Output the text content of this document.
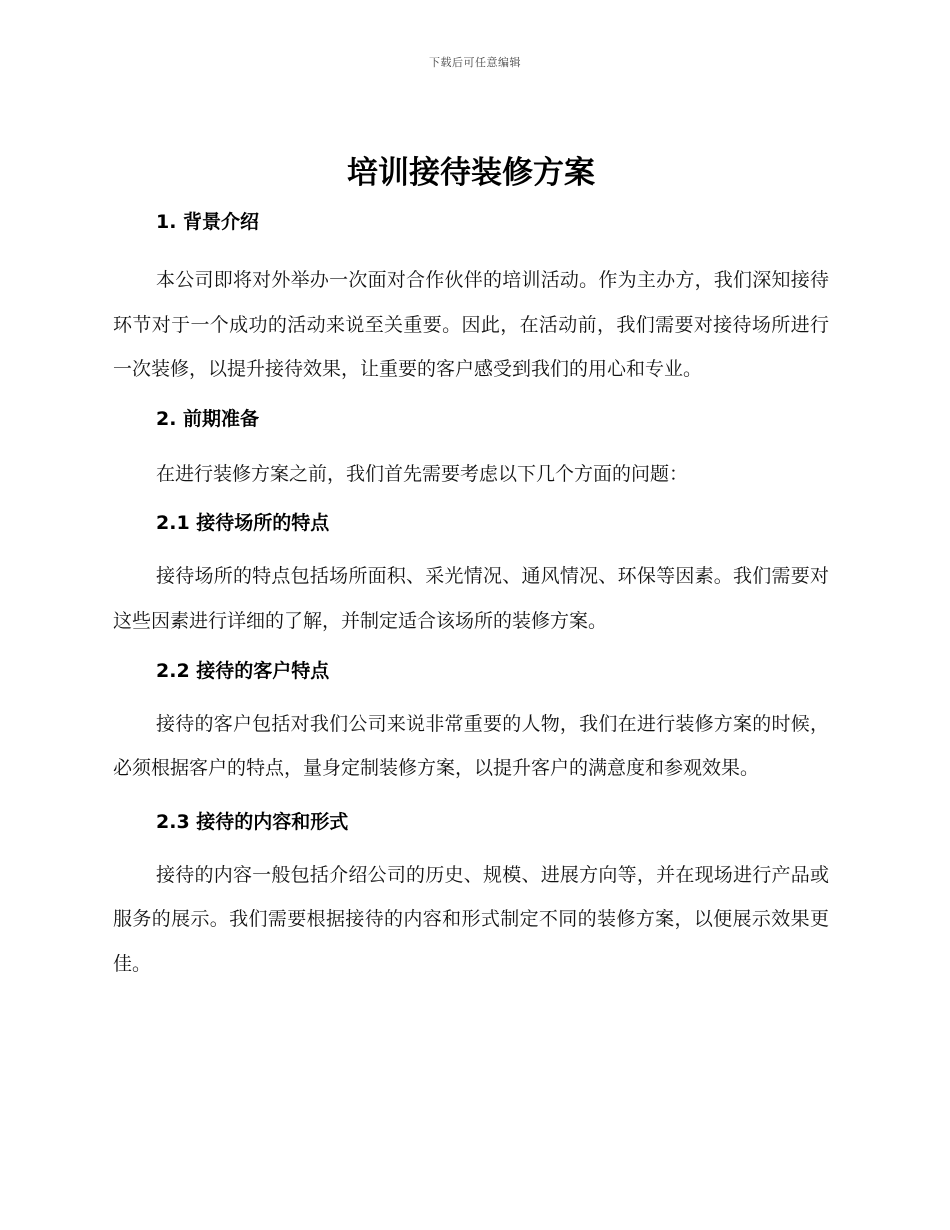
下载后可任意编辑
培训接待装修方案
1. 背景介绍

本公司即将对外举办一次面对合作伙伴的培训活动。作为主办方，我们深知接待环节对于一个成功的活动来说至关重要。因此，在活动前，我们需要对接待场所进行一次装修，以提升接待效果，让重要的客户感受到我们的用心和专业。

2. 前期准备

在进行装修方案之前，我们首先需要考虑以下几个方面的问题：

2.1 接待场所的特点

接待场所的特点包括场所面积、采光情况、通风情况、环保等因素。我们需要对这些因素进行详细的了解，并制定适合该场所的装修方案。

2.2 接待的客户特点

接待的客户包括对我们公司来说非常重要的人物，我们在进行装修方案的时候，必须根据客户的特点，量身定制装修方案，以提升客户的满意度和参观效果。

2.3 接待的内容和形式

接待的内容一般包括介绍公司的历史、规模、进展方向等，并在现场进行产品或服务的展示。我们需要根据接待的内容和形式制定不同的装修方案，以便展示效果更佳。
